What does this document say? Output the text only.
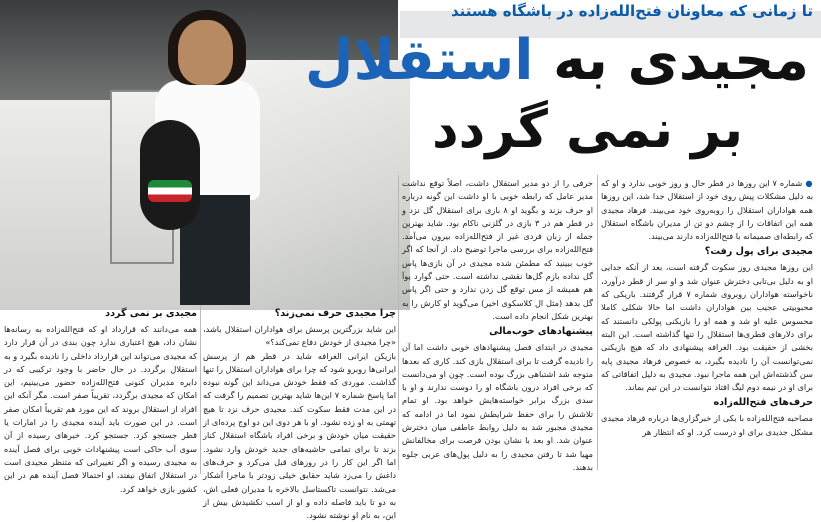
تا زمانی که معاونان فتح‌الله‌زاده در باشگاه هستند
مجیدی به استقلال
بر نمی گردد
● شماره ۷ این روزها در قطر حال و روز خوبی ندارد و او که به دلیل مشکلات پیش روی خود از استقلال جدا شد، این روزها همه هواداران استقلال را روبه‌روی خود می‌بیند. فرهاد مجیدی همه این اتفاقات را از چشم دو تن از مدیران باشگاه استقلال که رابطه‌ای صمیمانه با فتح‌الله‌زاده دارند می‌بیند.
مجیدی برای پول رفت؟
این روزها مجیدی روز سکوت گرفته است، بعد از آنکه جدایی او به دلیل بی‌تابی دخترش عنوان شد و او سر از قطر درآورد، ناخواسته هواداران روبروی شماره ۷ قرار گرفتند. باریکی که محبوبیتی عجیب بین هواداران داشت اما حالا شکلی کاملا محسوس علیه او شد و همه او را بازیکنی پولکی دانستند که برای دلارهای قطری‌ها استقلال را تنها گذاشته است. این البته بخشی از حقیقت بود. الغرافه پیشنهادی داد که هیچ بازیکنی نمی‌توانست آن را نادیده بگیرد، به خصوص فرهاد مجیدی پایه سن گذشته‌اش این همه ماجرا نبود. مجیدی به دلیل اتفاقاتی که برای او در نیمه دوم لیگ افتاد نتوانست در این تیم بماند.
حرف‌های فتح‌الله‌زاده
مصاحبه فتح‌الله‌زاده با یکی از خبرگزاری‌ها درباره فرهاد مجیدی مشکل جدیدی برای او درست کرد. او که انتظار هر
حرفی را از دو مدیر استقلال داشت، اصلاً توقع نداشت مدیر عامل که رابطه خوبی با او داشت این گونه درباره او حرف بزند و بگوید او ۸ بازی برای استقلال گل نزد و در قطر هم در ۳ بازی در گلزنی ناکام بود. شاید بهترین جمله از زبان فردی غیر از فتح‌الله‌زاده بیرون می‌آمد. فتح‌الله‌زاده برای بررسی ماجرا توضیح داد. از آنجا که اگر خوب ببینید که مطمئن شده مجیدی در آن بازی‌ها پاس گل نداده بازم گل‌ها نقشی نداشته است. حتی گوارد یوآ هم همیشه از مس توقع گل زدن ندارد و حتی اگر پاس گل بدهد (مثل ال کلاسکوی اخیر) می‌گوید او کارش را به بهترین شکل انجام داده است.
پیشنهادهای خوب‌مالی
مجیدی در ابتدای فصل پیشنهادهای خوبی داشت اما آن را نادیده گرفت تا برای استقلال بازی کند. کاری که بعدها متوجه شد اشتباهی بزرگ بوده است. چون او می‌دانست که برخی افراد درون باشگاه او را دوست ندارند و او با سدی بزرگ برابر خواسته‌هایش خواهد بود. او تمام تلاشش را برای حفظ شرایطش نمود اما در ادامه که مجیدی مجبور شد به دلیل روابط عاطفی میان دخترش عنوان شد. او بعد با نشان بودن فرصت برای مخالفانش مهیا شد تا رفتن مجیدی را به دلیل پول‌های عربی جلوه بدهند.
چرا مجیدی حرف نمی‌زند؟
این شاید بزرگترین پرسش برای هواداران استقلال باشد، «چرا مجیدی از خودش دفاع نمی‌کند؟»
بازیکن ایرانی الغرافه شاید در قطر هم از پرسش ایرانی‌ها روبرو شود که چرا برای هواداران استقلال را تنها گذاشت. موردی که فقط خودش می‌داند این گونه نبوده اما پاسخ شماره ۷ این‌ها شاید بهترین تصمیم را گرفت که در این مدت فقط سکوت کند. مجیدی حرف نزد تا هیچ تهمتی به او زده نشود. او با هر دوی این دو اوج پرده‌ای از حقیقت میان خودش و برخی افراد باشگاه استقلال کنار بزند تا برای تمامی حاشیه‌های جدید خودش وارد نشود. اما اگر این کار را در روزهای قبل می‌کرد و حرف‌های داغش را می‌زد شاید حقایق خیلی زودتر با ماجرا آشکار می‌شد. نتوانست تاکستاسل بالاخره با مدیران فعلی اش، به دو تا باید فاصله داده و او از اسب نکشیدش بیش از این، به نام او نوشته نشود.
مجیدی بر نمی گردد
همه می‌دانند که قرارداد او که فتح‌الله‌زاده به رسانه‌ها نشان داد، هیچ اعتباری ندارد چون بندی در آن قرار دارد که مجیدی می‌تواند این قرارداد داخلی را نادیده بگیرد و به استقلال برگردد. در حال حاضر با وجود ترکیبی که در دایره مدیران کنونی فتح‌الله‌زاده حضور می‌بینیم، این امکان که مجیدی برگردد، تقریباً صفر است. مگر آنکه این افراد از استقلال بروند که این مورد هم تقریباً امکان صفر است. در این صورت باید آینده مجیدی را در امارات یا قطر جستجو کرد. جستجو کرد. خبرهای رسیده از آن سوی آب حاکی است پیشنهادات خوبی برای فصل آینده به مجیدی رسیده و اگر تغییراتی که متنظر مجیدی است در استقلال اتفاق نیفتد، او احتمالا فصل آینده هم در این کشور بازی خواهد کرد.
